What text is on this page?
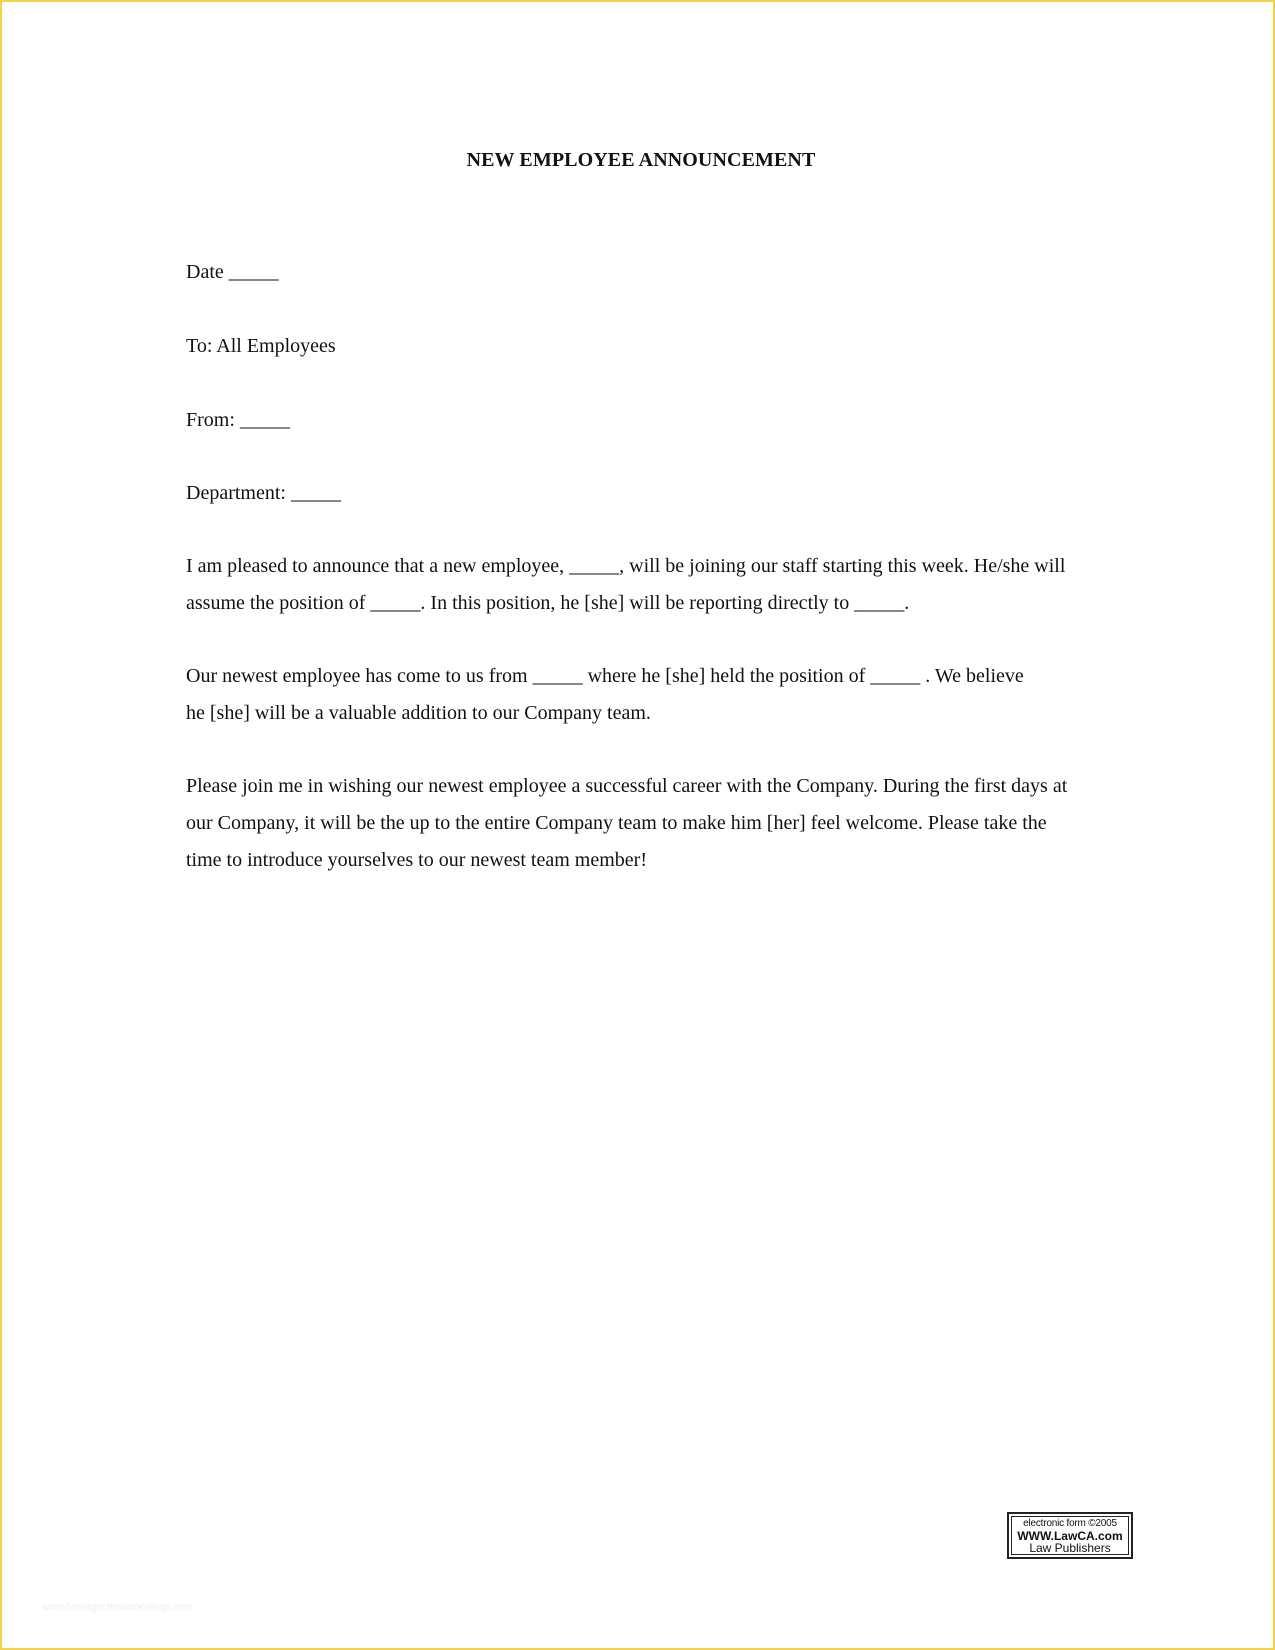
NEW EMPLOYEE ANNOUNCEMENT
Date _____
To: All Employees
From: _____
Department: _____

I am pleased to announce that a new employee, _____, will be joining our staff starting this week. He/she will
assume the position of _____. In this position, he [she] will be reporting directly to _____.

Our newest employee has come to us from _____ where he [she] held the position of _____ . We believe
he [she] will be a valuable addition to our Company team.

Please join me in wishing our newest employee a successful career with the Company. During the first days at
our Company, it will be the up to the entire Company team to make him [her] feel welcome. Please take the
time to introduce yourselves to our newest team member!

electronic form ©2005
WWW.LawCA.com
Law Publishers
www.heritagechristiancollege.com
